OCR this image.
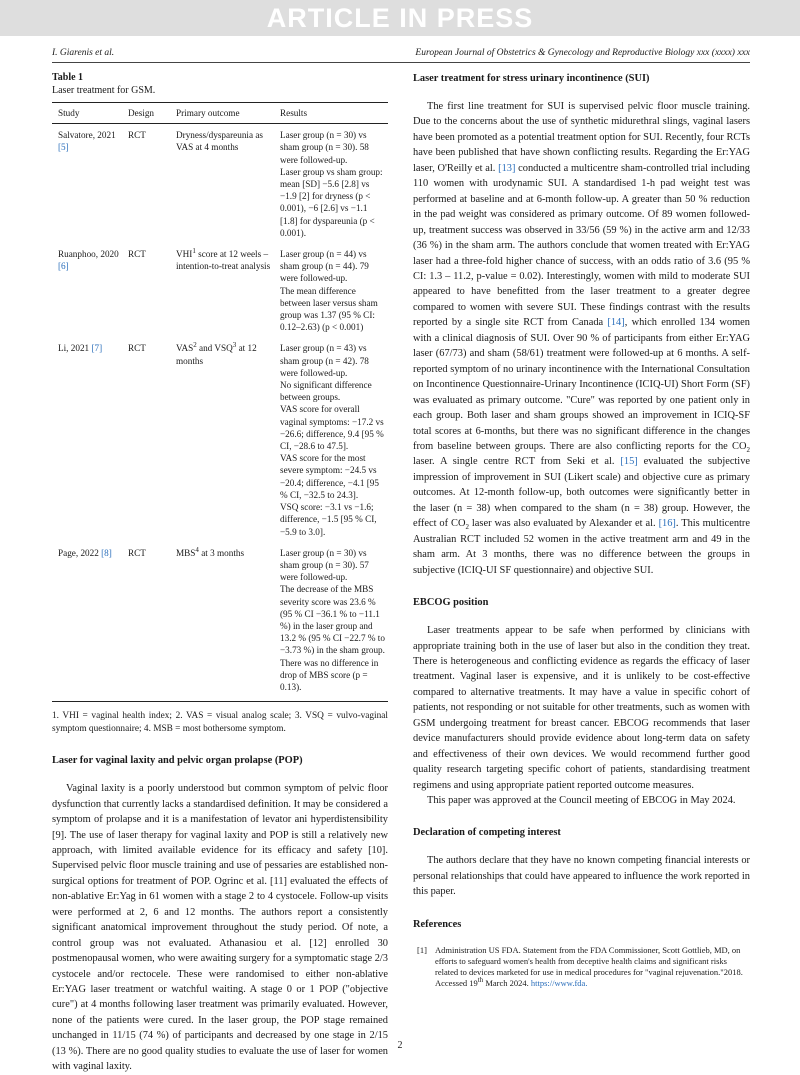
ARTICLE IN PRESS
I. Giarenis et al.	European Journal of Obstetrics & Gynecology and Reproductive Biology xxx (xxxx) xxx
Table 1
Laser treatment for GSM.
Study	Design	Primary outcome	Results
Salvatore, 2021 [5]	RCT	Dryness/dyspareunia as VAS at 4 months	Laser group (n = 30) vs sham group (n = 30). 58 were followed-up.
Laser group vs sham group: mean [SD] −5.6 [2.8] vs −1.9 [2] for dryness (p < 0.001), −6 [2.6] vs −1.1 [1.8] for dyspareunia (p < 0.001).

Ruanphoo, 2020 [6]	RCT	VHI$^1$ score at 12 weels – intention-to-treat analysis	Laser group (n = 44) vs sham group (n = 44). 79 were followed-up.
The mean difference between laser versus sham group was 1.37 (95 % CI: 0.12–2.63) (p < 0.001)

Li, 2021 [7]	RCT	VAS$^2$ and VSQ$^3$ at 12 months	Laser group (n = 43) vs sham group (n = 42). 78 were followed-up.
No significant difference between groups.
VAS score for overall vaginal symptoms: −17.2 vs −26.6; difference, 9.4 [95 % CI, −28.6 to 47.5].
VAS score for the most severe symptom: −24.5 vs −20.4; difference, −4.1 [95 % CI, −32.5 to 24.3].
VSQ score: −3.1 vs −1.6; difference, −1.5 [95 % CI, −5.9 to 3.0].

Page, 2022 [8]	RCT	MBS$^4$ at 3 months	Laser group (n = 30) vs sham group (n = 30). 57 were followed-up.
The decrease of the MBS severity score was 23.6 % (95 % CI −36.1 % to −11.1 %) in the laser group and 13.2 % (95 % CI −22.7 % to −3.73 %) in the sham group. There was no difference in drop of MBS score (p = 0.13).
1. VHI = vaginal health index; 2. VAS = visual analog scale; 3. VSQ = vulvo-vaginal symptom questionnaire; 4. MSB = most bothersome symptom.
Laser for vaginal laxity and pelvic organ prolapse (POP)

Vaginal laxity is a poorly understood but common symptom of pelvic floor dysfunction that currently lacks a standardised definition. It may be considered a symptom of prolapse and it is a manifestation of levator ani hyperdistensibility [9]. The use of laser therapy for vaginal laxity and POP is still a relatively new approach, with limited available evidence for its efficacy and safety [10]. Supervised pelvic floor muscle training and use of pessaries are established non-surgical options for treatment of POP. Ogrinc et al. [11] evaluated the effects of non-ablative Er:Yag in 61 women with a stage 2 to 4 cystocele. Follow-up visits were performed at 2, 6 and 12 months. The authors report a consistently significant anatomical improvement throughout the study period. Of note, a control group was not evaluated. Athanasiou et al. [12] enrolled 30 postmenopausal women, who were awaiting surgery for a symptomatic stage 2/3 cystocele and/or rectocele. These were randomised to either non-ablative Er:YAG laser treatment or watchful waiting. A stage 0 or 1 POP ("objective cure") at 4 months following laser treatment was primarily evaluated. However, none of the patients were cured. In the laser group, the POP stage remained unchanged in 11/15 (74 %) of participants and decreased by one stage in 2/15 (13 %). There are no good quality studies to evaluate the use of laser for women with vaginal laxity.

Laser treatment for stress urinary incontinence (SUI)

The first line treatment for SUI is supervised pelvic floor muscle training. Due to the concerns about the use of synthetic midurethral slings, vaginal lasers have been promoted as a potential treatment option for SUI. Recently, four RCTs have been published that have shown conflicting results. Regarding the Er:YAG laser, O'Reilly et al. [13] conducted a multicentre sham-controlled trial including 110 women with urodynamic SUI. A standardised 1-h pad weight test was performed at baseline and at 6-month follow-up. A greater than 50 % reduction in the pad weight was considered as primary outcome. Of 89 women followed-up, treatment success was observed in 33/56 (59 %) in the active arm and 12/33 (36 %) in the sham arm. The authors conclude that women treated with Er:YAG laser had a three-fold higher chance of success, with an odds ratio of 3.6 (95 % CI: 1.3 – 11.2, p-value = 0.02). Interestingly, women with mild to moderate SUI appeared to have benefitted from the laser treatment to a greater degree compared to women with severe SUI. These findings contrast with the results reported by a single site RCT from Canada [14], which enrolled 134 women with a clinical diagnosis of SUI. Over 90 % of participants from either Er:YAG laser (67/73) and sham (58/61) treatment were followed-up at 6 months. A self-reported symptom of no urinary incontinence with the International Consultation on Incontinence Questionnaire-Urinary Incontinence (ICIQ-UI) Short Form (SF) was evaluated as primary outcome. "Cure" was reported by one patient only in each group. Both laser and sham groups showed an improvement in ICIQ-SF total scores at 6-months, but there was no significant difference in the changes from baseline between groups. There are also conflicting reports for the $CO_2$ laser. A single centre RCT from Seki et al. [15] evaluated the subjective impression of improvement in SUI (Likert scale) and objective cure as primary outcomes. At 12-month follow-up, both outcomes were significantly better in the laser (n = 38) when compared to the sham (n = 38) group. However, the effect of $CO_2$ laser was also evaluated by Alexander et al. [16]. This multicentre Australian RCT included 52 women in the active treatment arm and 49 in the sham arm. At 3 months, there was no difference between the groups in subjective (ICIQ-UI SF questionnaire) and objective SUI.

EBCOG position

Laser treatments appear to be safe when performed by clinicians with appropriate training both in the use of laser but also in the condition they treat. There is heterogeneous and conflicting evidence as regards the efficacy of laser treatment. Vaginal laser is expensive, and it is unlikely to be cost-effective compared to alternative treatments. It may have a value in specific cohort of patients, not responding or not suitable for other treatments, such as women with GSM undergoing treatment for breast cancer. EBCOG recommends that laser device manufacturers should provide evidence about long-term data on safety and effectiveness of their own devices. We would recommend further good quality research targeting specific cohort of patients, standardising treatment regimens and using appropriate patient reported outcome measures.

This paper was approved at the Council meeting of EBCOG in May 2024.

Declaration of competing interest

The authors declare that they have no known competing financial interests or personal relationships that could have appeared to influence the work reported in this paper.

References
[1] Administration US FDA. Statement from the FDA Commissioner, Scott Gottlieb, MD, on efforts to safeguard women's health from deceptive health claims and significant risks related to devices marketed for use in medical procedures for "vaginal rejuvenation."2018. Accessed 19th March 2024. https://www.fda.
2
